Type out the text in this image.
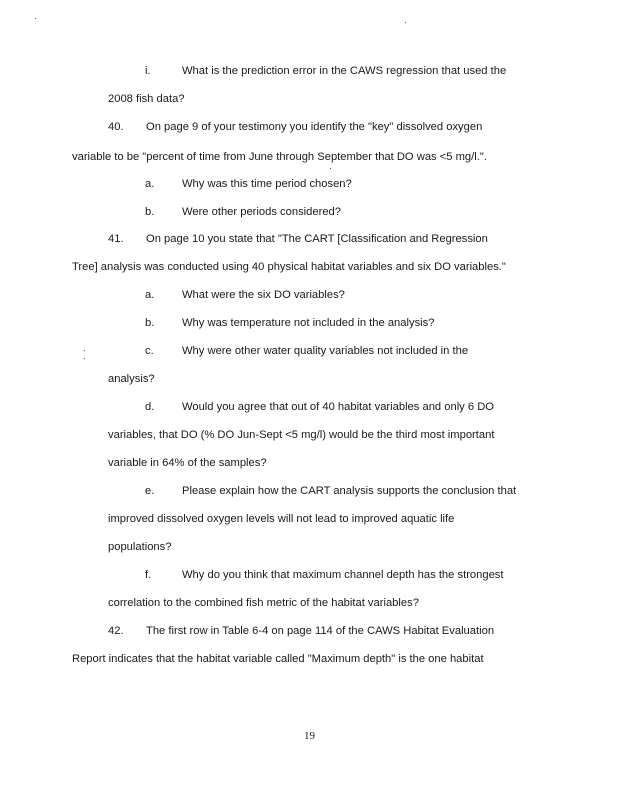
i.	What is the prediction error in the CAWS regression that used the
2008 fish data?
40. On page 9 of your testimony you identify the "key" dissolved oxygen
variable to be "percent of time from June through September that DO was <5 mg/l.".
a. Why was this time period chosen?
b. Were other periods considered?
41. On page 10 you state that "The CART [Classification and Regression
Tree] analysis was conducted using 40 physical habitat variables and six DO variables."
a. What were the six DO variables?
b. Why was temperature not included in the analysis?
c.	Why were other water quality variables not included in the
analysis?
d. Would you agree that out of 40 habitat variables and only 6 DO
variables, that DO (% DO Jun-Sept <5 mg/l) would be the third most important
variable in 64% of the samples?
e. Please explain how the CART analysis supports the conclusion that
improved dissolved oxygen levels will not lead to improved aquatic life
populations?
f.	Why do you think that maximum channel depth has the strongest
correlation to the combined fish metric of the habitat variables?
42. The first row in Table 6-4 on page 114 of the CAWS Habitat Evaluation
Report indicates that the habitat variable called "Maximum depth" is the one habitat
19
